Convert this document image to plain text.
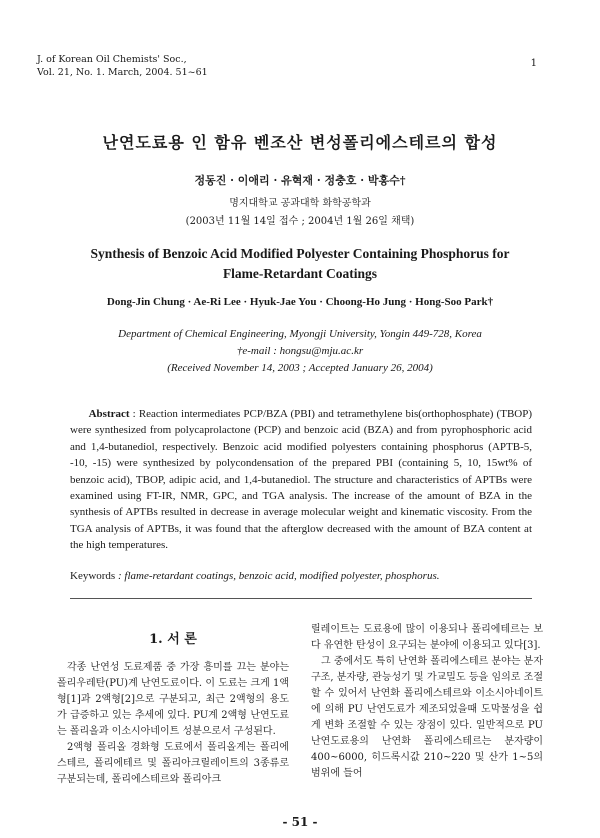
J. of Korean Oil Chemists' Soc.,
Vol. 21, No. 1. March, 2004. 51~61
1
난연도료용 인 함유 벤조산 변성폴리에스테르의 합성
정동진 · 이애리 · 유혁재 · 정충호 · 박홍수†
명지대학교 공과대학 화학공학과
(2003년 11월 14일 접수 ; 2004년 1월 26일 채택)
Synthesis of Benzoic Acid Modified Polyester Containing Phosphorus for
Flame-Retardant Coatings
Dong-Jin Chung · Ae-Ri Lee · Hyuk-Jae You · Choong-Ho Jung · Hong-Soo Park†
Department of Chemical Engineering, Myongji University, Yongin 449-728, Korea
†e-mail : hongsu@mju.ac.kr
(Received November 14, 2003 ; Accepted January 26, 2004)
Abstract : Reaction intermediates PCP/BZA (PBI) and tetramethylene bis(orthophosphate) (TBOP) were synthesized from polycaprolactone (PCP) and benzoic acid (BZA) and from pyrophosphoric acid and 1,4-butanediol, respectively. Benzoic acid modified polyesters containing phosphorus (APTB-5, -10, -15) were synthesized by polycondensation of the prepared PBI (containing 5, 10, 15wt% of benzoic acid), TBOP, adipic acid, and 1,4-butanediol. The structure and characteristics of APTBs were examined using FT-IR, NMR, GPC, and TGA analysis. The increase of the amount of BZA in the synthesis of APTBs resulted in decrease in average molecular weight and kinematic viscosity. From the TGA analysis of APTBs, it was found that the afterglow decreased with the amount of BZA content at the high temperatures.
Keywords : flame-retardant coatings, benzoic acid, modified polyester, phosphorus.
1. 서 론

각종 난연성 도료제품 중 가장 흥미를 끄는 분야는 폴리우레탄(PU)계 난연도료이다. 이 도료는 크게 1액형[1]과 2액형[2]으로 구분되고, 최근 2액형의 용도가 급증하고 있는 추세에 있다. PU계 2액형 난연도료는 폴리올과 이소시아네이트 성분으로서 구성된다.

2액형 폴리올 경화형 도료에서 폴리올계는 폴리에스테르, 폴리에테르 및 폴리아크릴레이트의 3종류로 구분되는데, 폴리에스테르와 폴리아크

릴레이트는 도료용에 많이 이용되나 폴리에테르는 보다 유연한 탄성이 요구되는 분야에 이용되고 있다[3].

그 중에서도 특히 난연화 폴리에스테르 분야는 분자구조, 분자량, 관능성기 및 가교밀도 등을 임의로 조절할 수 있어서 난연화 폴리에스테르와 이소시아네이트에 의해 PU 난연도료가 제조되었을때 도막물성을 쉽게 변화 조절할 수 있는 장점이 있다. 일반적으로 PU 난연도료용의 난연화 폴리에스테르는 분자량이 400~6000, 히드록시값 210~220 및 산가 1~5의 범위에 들어

- 51 -
